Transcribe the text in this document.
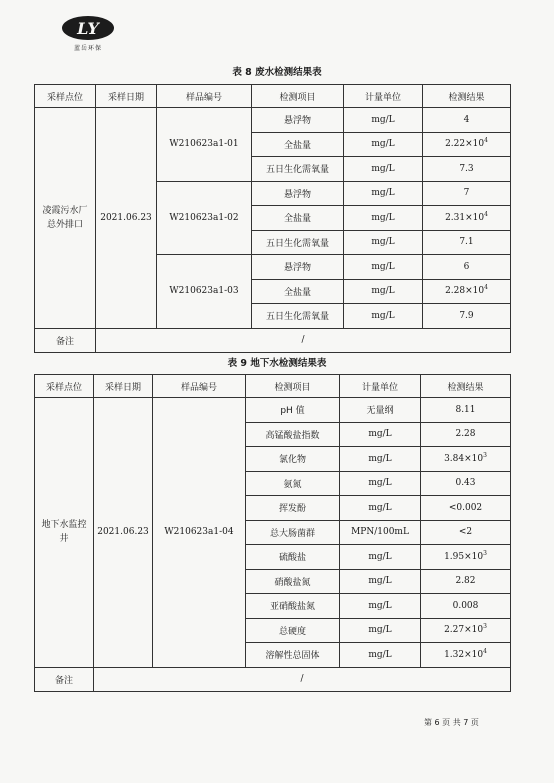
LY
蓝岳环保
表 8 废水检测结果表
采样点位	采样日期	样品编号	检测项目	计量单位	检测结果
凌霞污水厂总外排口	2021.06.23	W210623a1-01	悬浮物	mg/L	4
			全盐量	mg/L	$2.22\times 10^4$
			五日生化需氧量	mg/L	7.3
		W210623a1-02	悬浮物	mg/L	7
			全盐量	mg/L	$2.31\times 10^4$
			五日生化需氧量	mg/L	7.1
		W210623a1-03	悬浮物	mg/L	6
			全盐量	mg/L	$2.28\times 10^4$
			五日生化需氧量	mg/L	7.9
备注	/				
表 9 地下水检测结果表
采样点位	采样日期	样品编号	检测项目	计量单位	检测结果
地下水监控井	2021.06.23	W210623a1-04	pH 值	无量纲	8.11
			高锰酸盐指数	mg/L	2.28
			氯化物	mg/L	$3.84\times 10^3$
			氨氮	mg/L	0.43
			挥发酚	mg/L	<0.002
			总大肠菌群	MPN/100mL	<2
			硫酸盐	mg/L	$1.95\times 10^3$
			硝酸盐氮	mg/L	2.82
			亚硝酸盐氮	mg/L	0.008
			总硬度	mg/L	$2.27\times 10^3$
			溶解性总固体	mg/L	$1.32\times 10^4$
备注	/				
第 6 页 共 7 页
